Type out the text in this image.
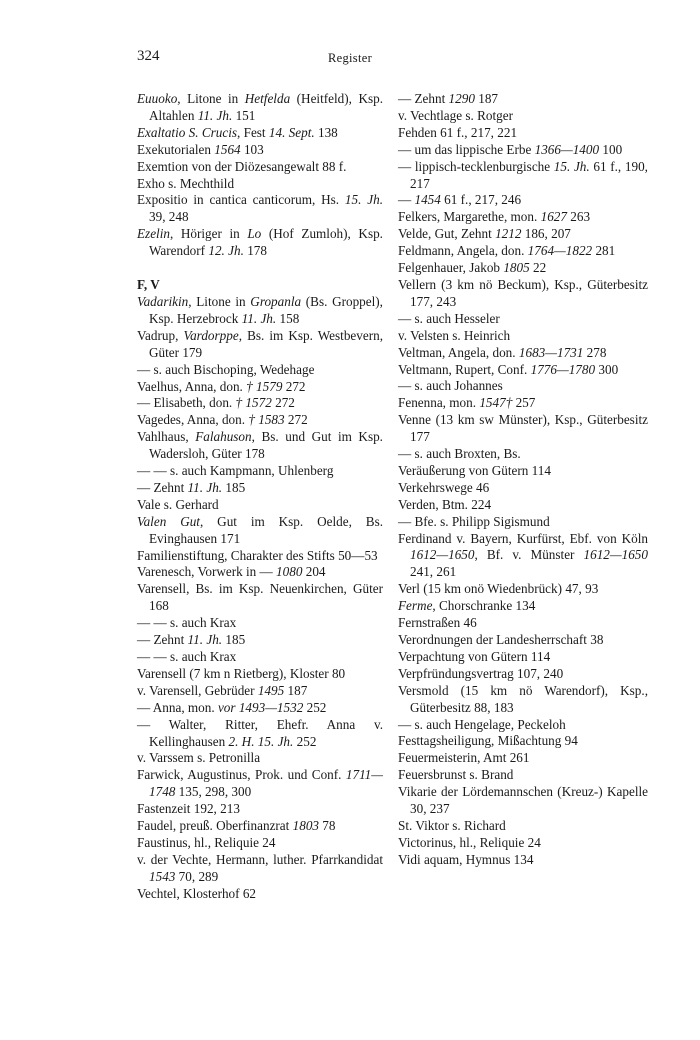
324	Register
Euuoko, Litone in Hetfelda (Heitfeld), Ksp. Altahlen 11. Jh. 151
Exaltatio S. Crucis, Fest 14. Sept. 138
Exekutorialen 1564 103
Exemtion von der Diözesangewalt 88 f.
Exho s. Mechthild
Expositio in cantica canticorum, Hs. 15. Jh. 39, 248
Ezelin, Höriger in Lo (Hof Zumloh), Ksp. Warendorf 12. Jh. 178
F, V
Vadarikin, Litone in Gropanla (Bs. Groppel), Ksp. Herzebrock 11. Jh. 158
Vadrup, Vardorppe, Bs. im Ksp. Westbevern, Güter 179
— s. auch Bischoping, Wedehage
Vaelhus, Anna, don. † 1579 272
— Elisabeth, don. † 1572 272
Vagedes, Anna, don. † 1583 272
Vahlhaus, Falahuson, Bs. und Gut im Ksp. Wadersloh, Güter 178
— — s. auch Kampmann, Uhlenberg
— Zehnt 11. Jh. 185
Vale s. Gerhard
Valen Gut, Gut im Ksp. Oelde, Bs. Evinghausen 171
Familienstiftung, Charakter des Stifts 50—53
Varenesch, Vorwerk in — 1080 204
Varensell, Bs. im Ksp. Neuenkirchen, Güter 168
— — s. auch Krax
— Zehnt 11. Jh. 185
— — s. auch Krax
Varensell (7 km n Rietberg), Kloster 80
v. Varensell, Gebrüder 1495 187
— Anna, mon. vor 1493—1532 252
— Walter, Ritter, Ehefr. Anna v. Kellinghausen 2. H. 15. Jh. 252
v. Varssem s. Petronilla
Farwick, Augustinus, Prok. und Conf. 1711—1748 135, 298, 300
Fastenzeit 192, 213
Faudel, preuß. Oberfinanzrat 1803 78
Faustinus, hl., Reliquie 24
v. der Vechte, Hermann, luther. Pfarrkandidat 1543 70, 289
Vechtel, Klosterhof 62
— Zehnt 1290 187
v. Vechtlage s. Rotger
Fehden 61 f., 217, 221
— um das lippische Erbe 1366—1400 100
— lippisch-tecklenburgische 15. Jh. 61 f., 190, 217
— 1454 61 f., 217, 246
Felkers, Margarethe, mon. 1627 263
Velde, Gut, Zehnt 1212 186, 207
Feldmann, Angela, don. 1764—1822 281
Felgenhauer, Jakob 1805 22
Vellern (3 km nö Beckum), Ksp., Güterbesitz 177, 243
— s. auch Hesseler
v. Velsten s. Heinrich
Veltman, Angela, don. 1683—1731 278
Veltmann, Rupert, Conf. 1776—1780 300
— s. auch Johannes
Fenenna, mon. 1547† 257
Venne (13 km sw Münster), Ksp., Güterbesitz 177
— s. auch Broxten, Bs.
Veräußerung von Gütern 114
Verkehrswege 46
Verden, Btm. 224
— Bfe. s. Philipp Sigismund
Ferdinand v. Bayern, Kurfürst, Ebf. von Köln 1612—1650, Bf. v. Münster 1612—1650 241, 261
Verl (15 km onö Wiedenbrück) 47, 93
Ferme, Chorschranke 134
Fernstraßen 46
Verordnungen der Landesherrschaft 38
Verpachtung von Gütern 114
Verpfründungsvertrag 107, 240
Versmold (15 km nö Warendorf), Ksp., Güterbesitz 88, 183
— s. auch Hengelage, Peckeloh
Festtagsheiligung, Mißachtung 94
Feuermeisterin, Amt 261
Feuersbrunst s. Brand
Vikarie der Lördemannschen (Kreuz-) Kapelle 30, 237
St. Viktor s. Richard
Victorinus, hl., Reliquie 24
Vidi aquam, Hymnus 134
